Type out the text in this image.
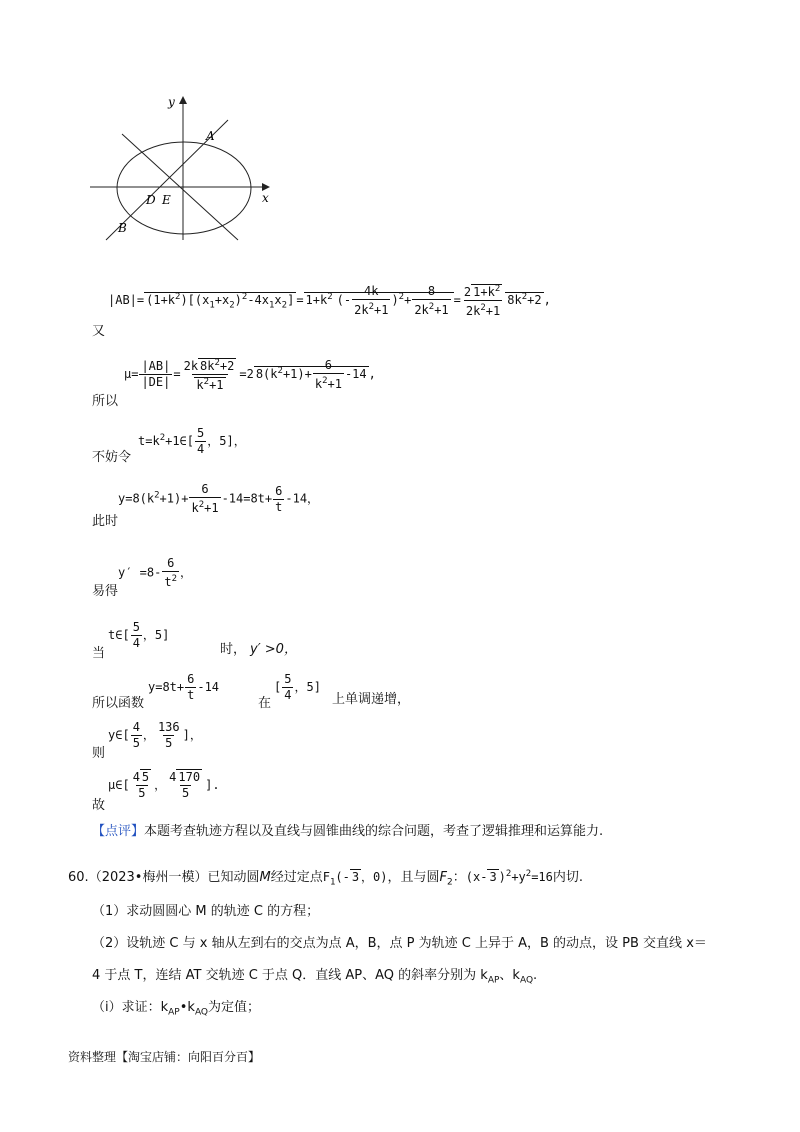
y
x
A
B
D E
又
$|AB|= (1+k^2)[(x_1+x_2)^2-4x_1x_2] = 1+k^2$ (- $\frac{4k}{2k^2+1} )^2+ \frac{8}{2k^2+1} = \frac{2 1+k^2}{2k^2+1} 8k^2+2$ ,
所以
$\mu= \frac{|AB|}{|DE|} = \frac{2k 8k^2+2}{k^2+1} =2$ $8(k^2+1)+ \frac{6}{k^2+1} -14$ ,
不妨令
$t=k^2+1\in[ \frac{5}{4}$ ，5]，
此时
$y=8(k^2+1)+ \frac{6}{k^2+1} -14=8t+ \frac{6}{t} -14$，
易得
$y' =8- \frac{6}{t^2}$ ，
当
t∈[ $\frac{5}{4}$ ，5]
时， y′ >0，
所以函数
$y=8t+ \frac{6}{t} -14$
在
[ $\frac{5}{4}$ ，5]
上单调递增，
则
y∈[ $\frac{4}{5}$ ， $\frac{136}{5}$ ]，
故
μ∈[ $\frac{4 5}{5}$ ， $\frac{4 170}{5}$ ].
【点评】本题考查轨迹方程以及直线与圆锥曲线的综合问题，考查了逻辑推理和运算能力.
60.（2023•梅州一模）已知动圆M经过定点$F_1(-$ 3 ，0)，且与圆$F_2$：(x- 3 )$^2+y^2=16$内切.
（1）求动圆圆心 M 的轨迹 C 的方程；
（2）设轨迹 C 与 x 轴从左到右的交点为点 A，B，点 P 为轨迹 C 上异于 A，B 的动点，设 PB 交直线 x＝
4 于点 T，连结 AT 交轨迹 C 于点 Q．直线 AP、AQ 的斜率分别为 $k_{AP}$、$k_{AQ}$.
（i）求证：$k_{AP}•k_{AQ}$为定值；
资料整理【淘宝店铺：向阳百分百】
